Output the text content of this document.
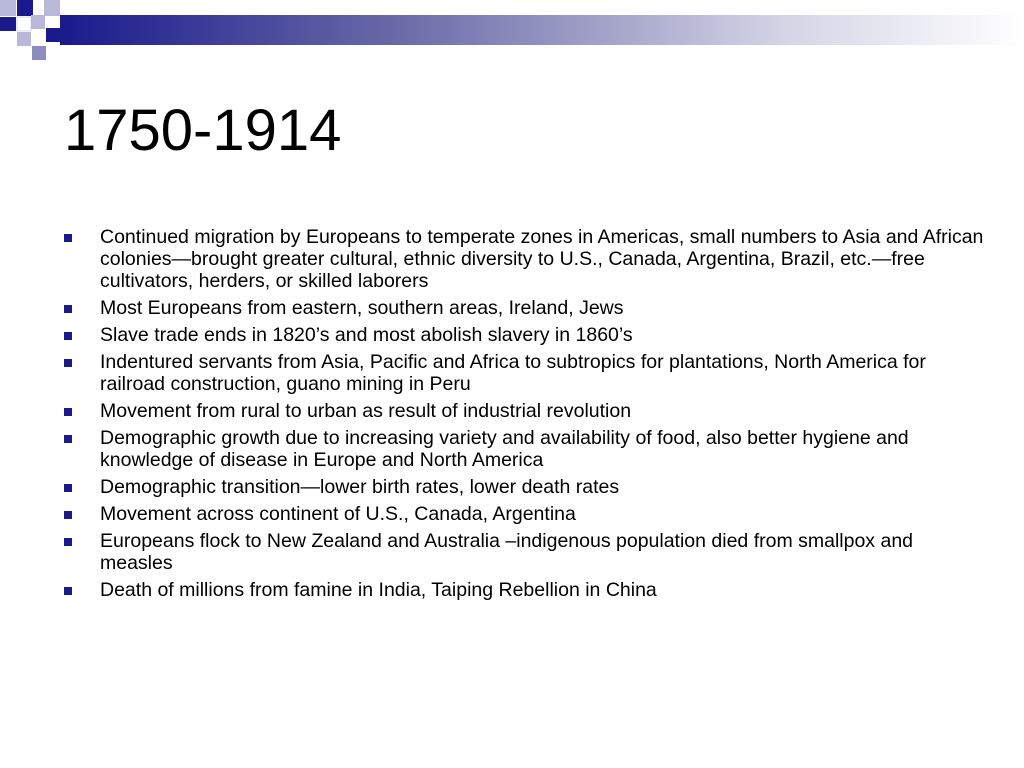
1750-1914
Continued migration by Europeans to temperate zones in Americas, small numbers to Asia and African colonies—brought greater cultural, ethnic diversity to U.S., Canada, Argentina, Brazil, etc.—free cultivators, herders, or skilled laborers
Most Europeans from eastern, southern areas, Ireland, Jews
Slave trade ends in 1820’s and most abolish slavery in 1860’s
Indentured servants from Asia, Pacific and Africa to subtropics for plantations, North America for railroad construction, guano mining in Peru
Movement from rural to urban as result of industrial revolution
Demographic growth due to increasing variety and availability of food, also better hygiene and knowledge of disease in Europe and North America
Demographic transition—lower birth rates, lower death rates
Movement across continent of U.S., Canada, Argentina
Europeans flock to New Zealand and Australia –indigenous population died from smallpox and measles
Death of millions from famine in India, Taiping Rebellion in China
